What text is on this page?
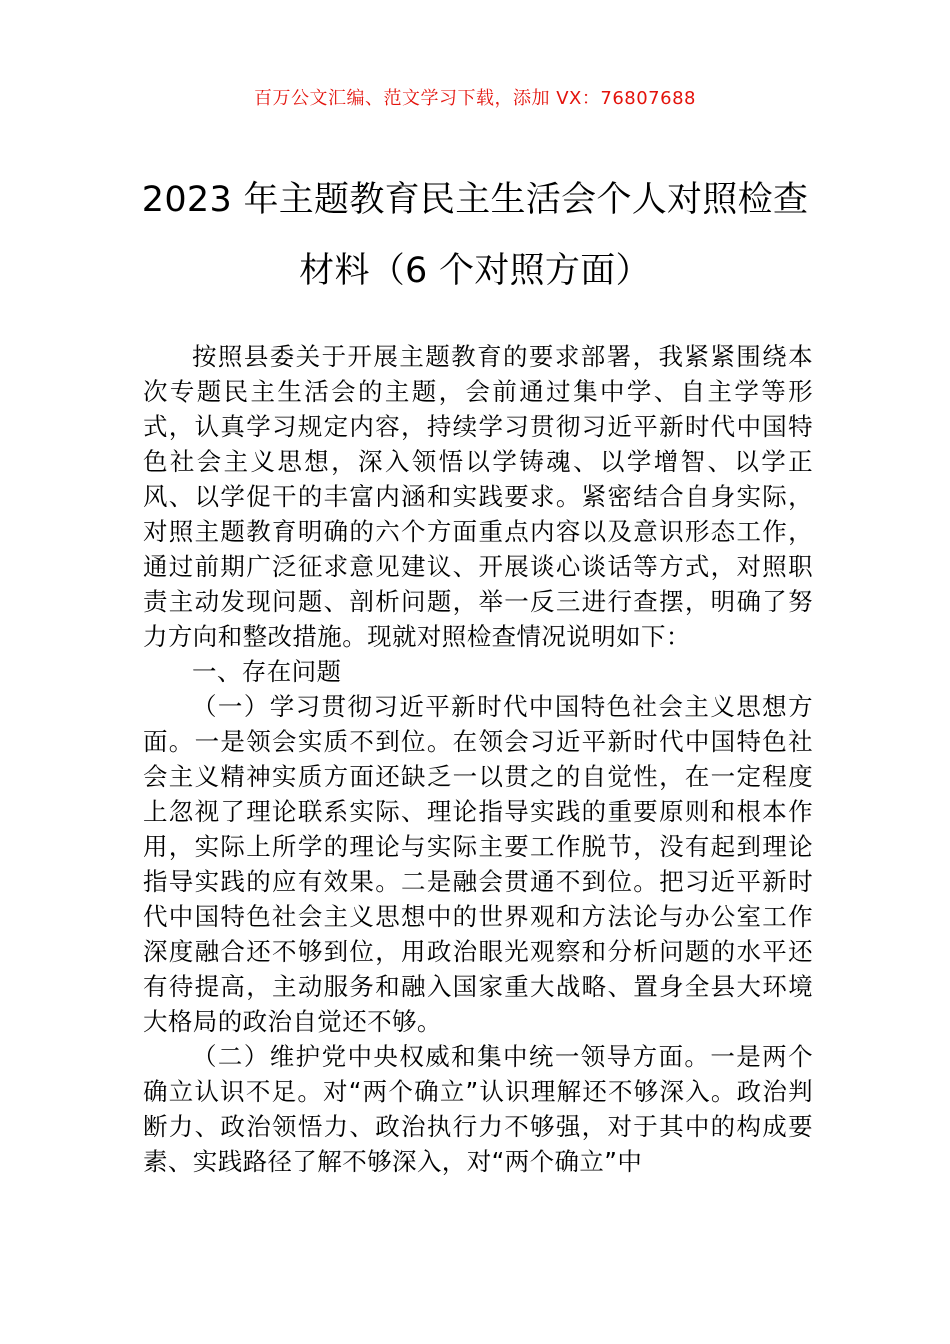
百万公文汇编、范文学习下载，添加 VX：76807688
2023 年主题教育民主生活会个人对照检查
材料（6 个对照方面）

按照县委关于开展主题教育的要求部署，我紧紧围绕本次专题民主生活会的主题，会前通过集中学、自主学等形式，认真学习规定内容，持续学习贯彻习近平新时代中国特色社会主义思想，深入领悟以学铸魂、以学增智、以学正风、以学促干的丰富内涵和实践要求。紧密结合自身实际，对照主题教育明确的六个方面重点内容以及意识形态工作，通过前期广泛征求意见建议、开展谈心谈话等方式，对照职责主动发现问题、剖析问题，举一反三进行查摆，明确了努力方向和整改措施。现就对照检查情况说明如下：

一、存在问题

（一）学习贯彻习近平新时代中国特色社会主义思想方面。一是领会实质不到位。在领会习近平新时代中国特色社会主义精神实质方面还缺乏一以贯之的自觉性，在一定程度上忽视了理论联系实际、理论指导实践的重要原则和根本作用，实际上所学的理论与实际主要工作脱节，没有起到理论指导实践的应有效果。二是融会贯通不到位。把习近平新时代中国特色社会主义思想中的世界观和方法论与办公室工作深度融合还不够到位，用政治眼光观察和分析问题的水平还有待提高，主动服务和融入国家重大战略、置身全县大环境大格局的政治自觉还不够。

（二）维护党中央权威和集中统一领导方面。一是两个确立认识不足。对“两个确立”认识理解还不够深入。政治判断力、政治领悟力、政治执行力不够强，对于其中的构成要素、实践路径了解不够深入，对“两个确立”中
